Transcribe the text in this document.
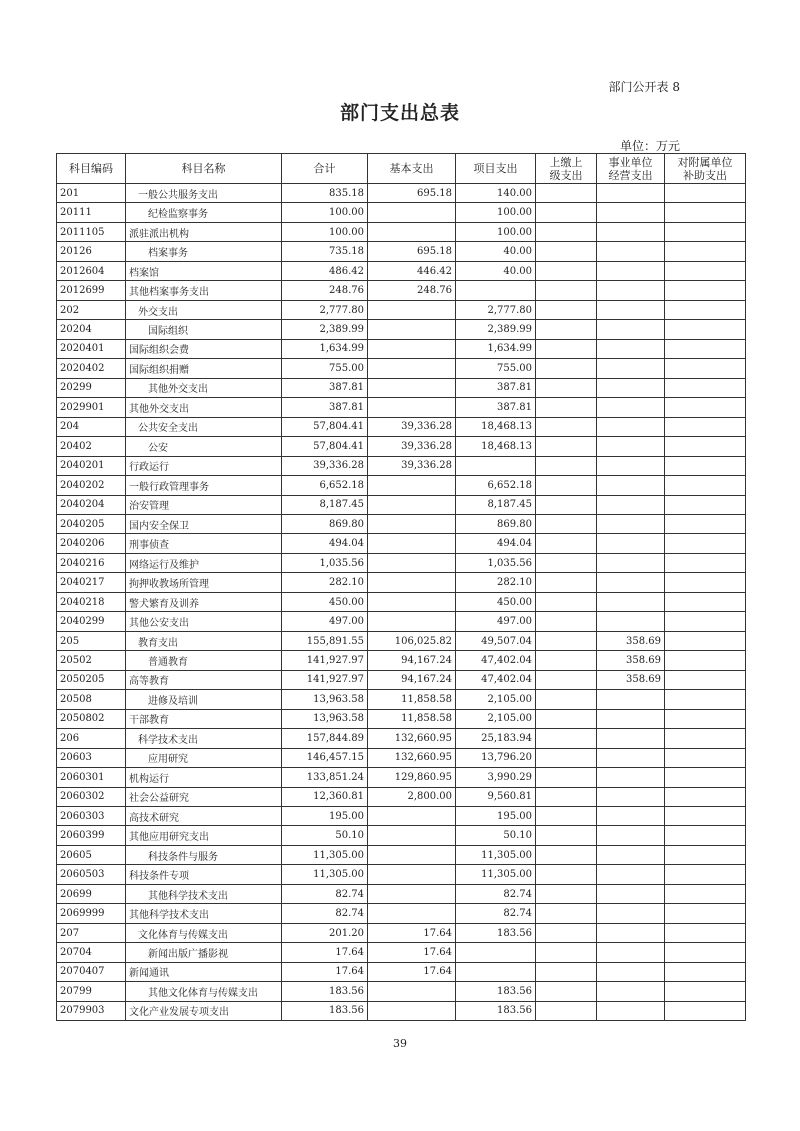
部门公开表 8
部门支出总表
单位：万元
科目编码	科目名称	合计	基本支出	项目支出	上缴上级支出	事业单位经营支出	对附属单位补助支出

201	一般公共服务支出	835.18	695.18	140.00			
20111	纪检监察事务	100.00		100.00			
2011105	派驻派出机构	100.00		100.00			
20126	档案事务	735.18	695.18	40.00			
2012604	档案馆	486.42	446.42	40.00			
2012699	其他档案事务支出	248.76	248.76				
202	外交支出	2,777.80		2,777.80			
20204	国际组织	2,389.99		2,389.99			
2020401	国际组织会费	1,634.99		1,634.99			
2020402	国际组织捐赠	755.00		755.00			
20299	其他外交支出	387.81		387.81			
2029901	其他外交支出	387.81		387.81			
204	公共安全支出	57,804.41	39,336.28	18,468.13			
20402	公安	57,804.41	39,336.28	18,468.13			
2040201	行政运行	39,336.28	39,336.28				
2040202	一般行政管理事务	6,652.18		6,652.18			
2040204	治安管理	8,187.45		8,187.45			
2040205	国内安全保卫	869.80		869.80			
2040206	刑事侦查	494.04		494.04			
2040216	网络运行及维护	1,035.56		1,035.56			
2040217	拘押收教场所管理	282.10		282.10			
2040218	警犬繁育及训养	450.00		450.00			
2040299	其他公安支出	497.00		497.00			
205	教育支出	155,891.55	106,025.82	49,507.04		358.69	
20502	普通教育	141,927.97	94,167.24	47,402.04		358.69	
2050205	高等教育	141,927.97	94,167.24	47,402.04		358.69	
20508	进修及培训	13,963.58	11,858.58	2,105.00			
2050802	干部教育	13,963.58	11,858.58	2,105.00			
206	科学技术支出	157,844.89	132,660.95	25,183.94			
20603	应用研究	146,457.15	132,660.95	13,796.20			
2060301	机构运行	133,851.24	129,860.95	3,990.29			
2060302	社会公益研究	12,360.81	2,800.00	9,560.81			
2060303	高技术研究	195.00		195.00			
2060399	其他应用研究支出	50.10		50.10			
20605	科技条件与服务	11,305.00		11,305.00			
2060503	科技条件专项	11,305.00		11,305.00			
20699	其他科学技术支出	82.74		82.74			
2069999	其他科学技术支出	82.74		82.74			
207	文化体育与传媒支出	201.20	17.64	183.56			
20704	新闻出版广播影视	17.64	17.64				
2070407	新闻通讯	17.64	17.64				
20799	其他文化体育与传媒支出	183.56		183.56			
2079903	文化产业发展专项支出	183.56		183.56			
39
